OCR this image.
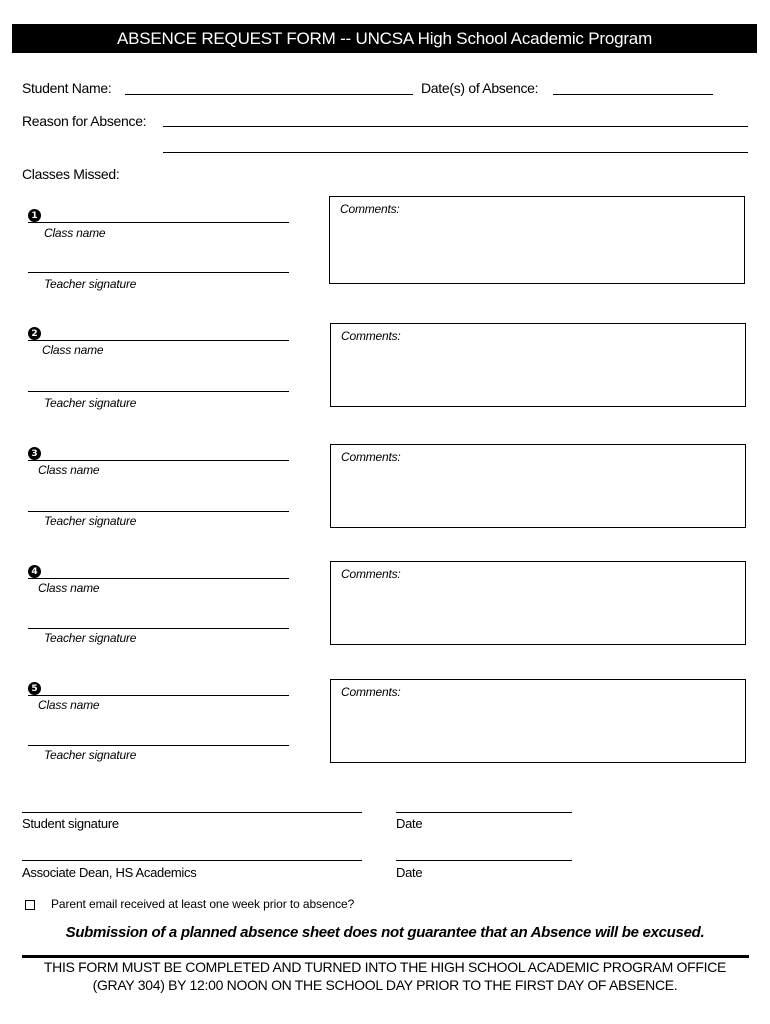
ABSENCE REQUEST FORM -- UNCSA High School Academic Program
Student Name:	Date(s) of Absence:
Reason for Absence:
Classes Missed:
1
Class name
Teacher signature
Comments:
2
Class name
Teacher signature
Comments:
3
Class name
Teacher signature
Comments:
4
Class name
Teacher signature
Comments:
5
Class name
Teacher signature
Comments:
Student signature	Date
Associate Dean, HS Academics	Date
Parent email received at least one week prior to absence?
Submission of a planned absence sheet does not guarantee that an Absence will be excused.
THIS FORM MUST BE COMPLETED AND TURNED INTO THE HIGH SCHOOL ACADEMIC PROGRAM OFFICE
(GRAY 304) BY 12:00 NOON ON THE SCHOOL DAY PRIOR TO THE FIRST DAY OF ABSENCE.
